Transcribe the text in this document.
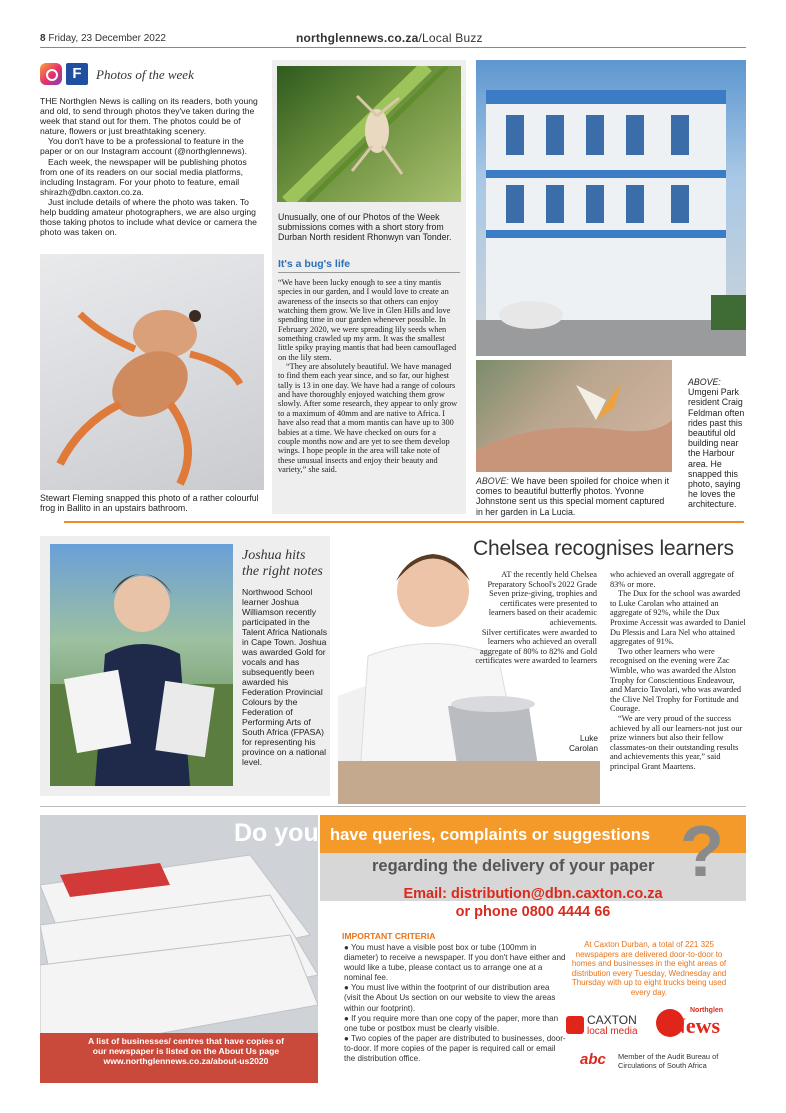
8 Friday, 23 December 2022	northglennews.co.za/Local Buzz
F	Photos of the week

THE Northglen News is calling on its readers, both young and old, to send through photos they've taken during the week that stand out for them. The photos could be of nature, flowers or just breathtaking scenery.

You don't have to be a professional to feature in the paper or on our Instagram account (@northglennews).

Each week, the newspaper will be publishing photos from one of its readers on our social media platforms, including Instagram. For your photo to feature, email shirazh@dbn.caxton.co.za.

Just include details of where the photo was taken. To help budding amateur photographers, we are also urging those taking photos to include what device or camera the photo was taken on.

Stewart Fleming snapped this photo of a rather colourful frog in Ballito in an upstairs bathroom.
Unusually, one of our Photos of the Week submissions comes with a short story from Durban North resident Rhonwyn van Tonder.
It's a bug's life

“We have been lucky enough to see a tiny mantis species in our garden, and I would love to create an awareness of the insects so that others can enjoy watching them grow. We live in Glen Hills and love spending time in our garden whenever possible. In February 2020, we were spreading lily seeds when something crawled up my arm. It was the smallest little spiky praying mantis that had been camouflaged on the lily stem.

“They are absolutely beautiful. We have managed to find them each year since, and so far, our highest tally is 13 in one day. We have had a range of colours and have thoroughly enjoyed watching them grow slowly. After some research, they appear to only grow to a maximum of 40mm and are native to Africa. I have also read that a mom mantis can have up to 300 babies at a time. We have checked on ours for a couple months now and are yet to see them develop wings. I hope people in the area will take note of these unusual insects and enjoy their beauty and variety,” she said.

ABOVE: We have been spoiled for choice when it comes to beautiful butterfly photos. Yvonne Johnstone sent us this special moment captured in her garden in La Lucia.
ABOVE:
Umgeni Park resident Craig Feldman often rides past this beautiful old building near the Harbour area. He snapped this photo, saying he loves the architecture.
Joshua hits
the right notes
Northwood School learner Joshua Williamson recently participated in the Talent Africa Nationals in Cape Town. Joshua was awarded Gold for vocals and has subsequently been awarded his Federation Provincial Colours by the Federation of Performing Arts of South Africa (FPASA) for representing his province on a national level.
Chelsea recognises learners

AT the recently held Chelsea Preparatory School's 2022 Grade Seven prize-giving, trophies and certificates were presented to learners based on their academic achievements.

Silver certificates were awarded to learners who achieved an overall aggregate of 80% to 82% and Gold certificates were awarded to learners

Luke
Carolan

who achieved an overall aggregate of 83% or more.

The Dux for the school was awarded to Luke Carolan who attained an aggregate of 92%, while the Dux Proxime Accessit was awarded to Daniel Du Plessis and Lara Nel who attained aggregates of 91%.

Two other learners who were recognised on the evening were Zac Wimble, who was awarded the Alston Trophy for Conscientious Endeavour, and Marcio Tavolari, who was awarded the Clive Nel Trophy for Fortitude and Courage.

“We are very proud of the success achieved by all our learners-not just our prize winners but also their fellow classmates-on their outstanding results and achievements this year,” said principal Grant Maartens.

A list of businesses/ centres that have copies of
our newspaper is listed on the About Us page
www.northglennews.co.za/about-us2020
Do you have queries, complaints or suggestions
regarding the delivery of your paper ?
Email: distribution@dbn.caxton.co.za
or phone 0800 4444 66
IMPORTANT CRITERIA

● You must have a visible post box or tube (100mm in diameter) to receive a newspaper. If you don't have either and would like a tube, please contact us to arrange one at a nominal fee.

● You must live within the footprint of our distribution area (visit the About Us section on our website to view the areas within our footprint).

● If you require more than one copy of the paper, more than one tube or postbox must be clearly visible.

● Two copies of the paper are distributed to businesses, door-to-door. If more copies of the paper is required call or email the distribution office.

At Caxton Durban, a total of 221 325 newspapers are delivered door-to-door to homes and businesses in the eight areas of distribution every Tuesday, Wednesday and Thursday with up to eight trucks being used every day.
CAXTON
local media
Northglen
News
abc Member of the Audit Bureau of Circulations of South Africa
